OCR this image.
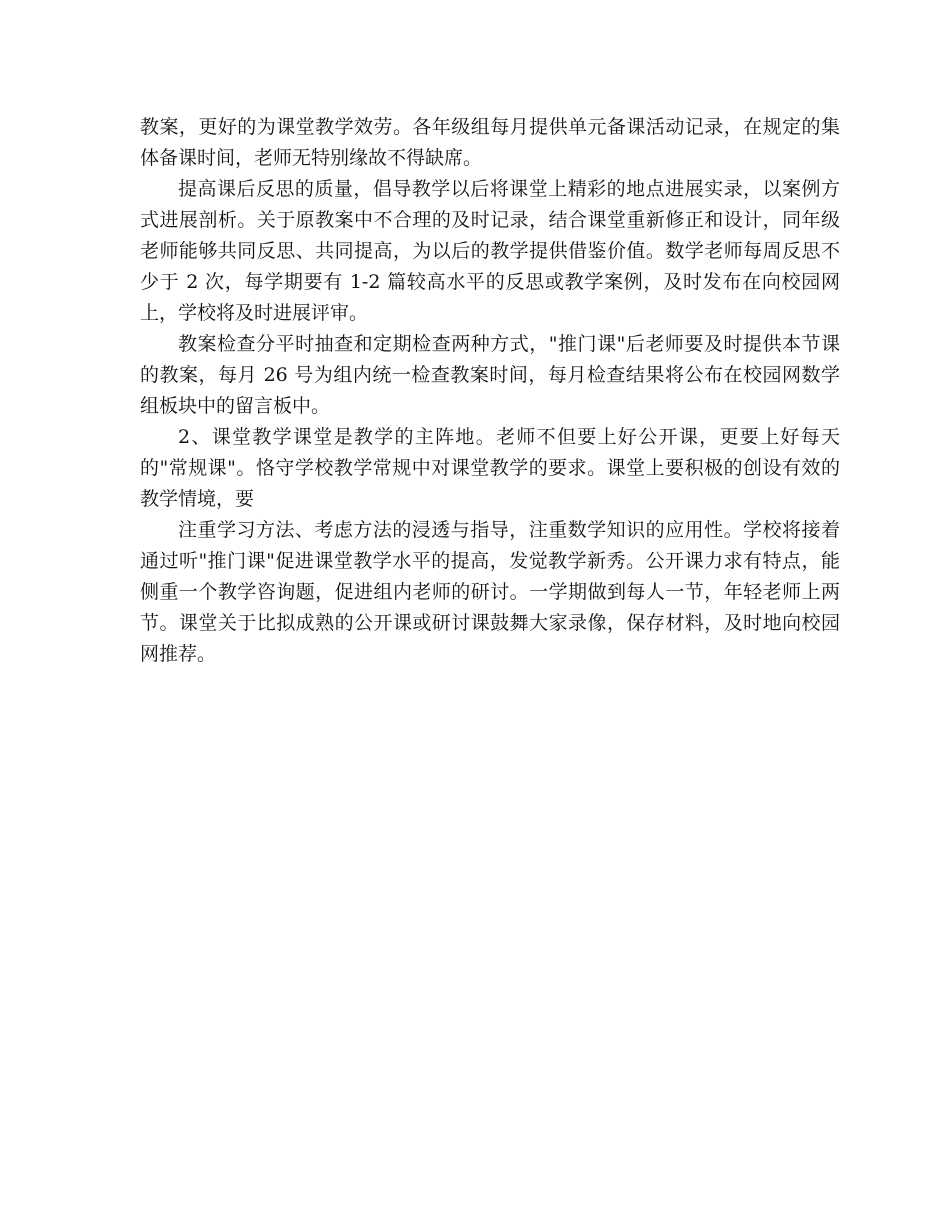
教案，更好的为课堂教学效劳。各年级组每月提供单元备课活动记录，在规定的集体备课时间，老师无特别缘故不得缺席。

提高课后反思的质量，倡导教学以后将课堂上精彩的地点进展实录，以案例方式进展剖析。关于原教案中不合理的及时记录，结合课堂重新修正和设计，同年级老师能够共同反思、共同提高，为以后的教学提供借鉴价值。数学老师每周反思不少于 2 次，每学期要有 1-2 篇较高水平的反思或教学案例，及时发布在向校园网上，学校将及时进展评审。

教案检查分平时抽查和定期检查两种方式，"推门课"后老师要及时提供本节课的教案，每月 26 号为组内统一检查教案时间，每月检查结果将公布在校园网数学组板块中的留言板中。

2、课堂教学课堂是教学的主阵地。老师不但要上好公开课，更要上好每天的"常规课"。恪守学校教学常规中对课堂教学的要求。课堂上要积极的创设有效的教学情境，要

注重学习方法、考虑方法的浸透与指导，注重数学知识的应用性。学校将接着通过听"推门课"促进课堂教学水平的提高，发觉教学新秀。公开课力求有特点，能侧重一个教学咨询题，促进组内老师的研讨。一学期做到每人一节，年轻老师上两节。课堂关于比拟成熟的公开课或研讨课鼓舞大家录像，保存材料，及时地向校园网推荐。
